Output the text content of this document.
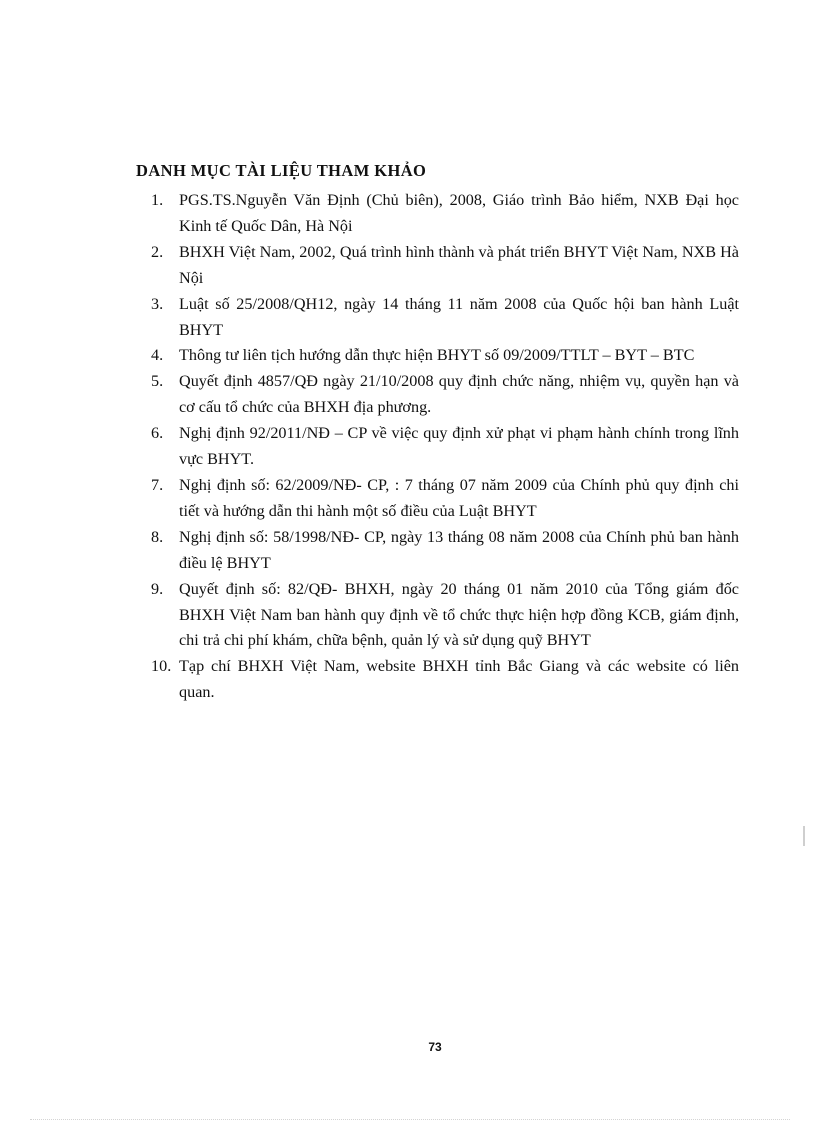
DANH MỤC TÀI LIỆU THAM KHẢO
1. PGS.TS.Nguyễn Văn Định (Chủ biên), 2008, Giáo trình Bảo hiểm, NXB Đại học Kinh tế Quốc Dân, Hà Nội
2. BHXH Việt Nam, 2002, Quá trình hình thành và phát triển BHYT Việt Nam, NXB Hà Nội
3. Luật số 25/2008/QH12, ngày 14 tháng 11 năm 2008 của Quốc hội ban hành Luật BHYT
4. Thông tư liên tịch hướng dẫn thực hiện BHYT số 09/2009/TTLT – BYT – BTC
5. Quyết định 4857/QĐ ngày 21/10/2008 quy định chức năng, nhiệm vụ, quyền hạn và cơ cấu tổ chức của BHXH địa phương.
6. Nghị định 92/2011/NĐ – CP về việc quy định xử phạt vi phạm hành chính trong lĩnh vực BHYT.
7. Nghị định số: 62/2009/NĐ- CP, : 7 tháng 07 năm 2009 của Chính phủ quy định chi tiết và hướng dẫn thi hành một số điều của Luật BHYT
8. Nghị định số: 58/1998/NĐ- CP, ngày 13 tháng 08 năm 2008 của Chính phủ ban hành điều lệ BHYT
9. Quyết định số: 82/QĐ- BHXH, ngày 20 tháng 01 năm 2010 của Tổng giám đốc BHXH Việt Nam ban hành quy định về tổ chức thực hiện hợp đồng KCB, giám định, chi trả chi phí khám, chữa bệnh, quản lý và sử dụng quỹ BHYT
10. Tạp chí BHXH Việt Nam, website BHXH tỉnh Bắc Giang và các website có liên quan.
73
